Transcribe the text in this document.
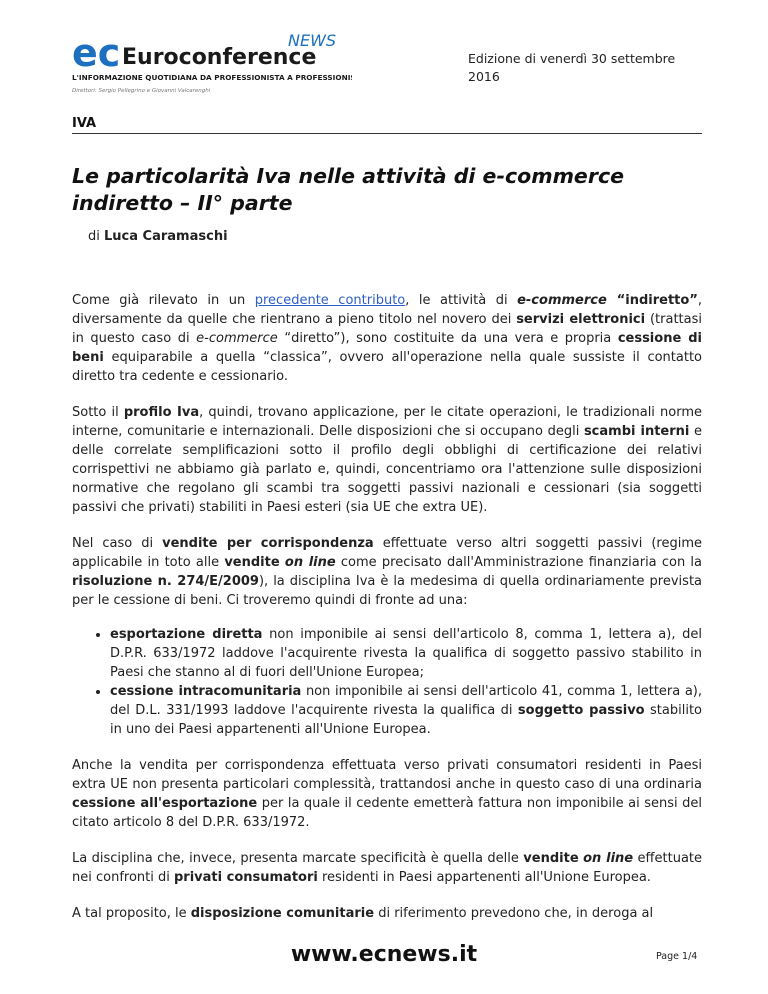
ec Euroconference
NEWS
L'INFORMAZIONE QUOTIDIANA DA PROFESSIONISTA A PROFESSIONISTA
Direttori: Sergio Pellegrino e Giovanni Valcarenghi
Edizione di venerdì 30 settembre 2016
IVA
Le particolarità Iva nelle attività di e-commerce indiretto – II° parte
di Luca Caramaschi

Come già rilevato in un precedente contributo, le attività di e-commerce “indiretto”, diversamente da quelle che rientrano a pieno titolo nel novero dei servizi elettronici (trattasi in questo caso di e-commerce “diretto”), sono costituite da una vera e propria cessione di beni equiparabile a quella “classica”, ovvero all'operazione nella quale sussiste il contatto diretto tra cedente e cessionario.

Sotto il profilo Iva, quindi, trovano applicazione, per le citate operazioni, le tradizionali norme interne, comunitarie e internazionali. Delle disposizioni che si occupano degli scambi interni e delle correlate semplificazioni sotto il profilo degli obblighi di certificazione dei relativi corrispettivi ne abbiamo già parlato e, quindi, concentriamo ora l'attenzione sulle disposizioni normative che regolano gli scambi tra soggetti passivi nazionali e cessionari (sia soggetti passivi che privati) stabiliti in Paesi esteri (sia UE che extra UE).

Nel caso di vendite per corrispondenza effettuate verso altri soggetti passivi (regime applicabile in toto alle vendite on line come precisato dall'Amministrazione finanziaria con la risoluzione n. 274/E/2009), la disciplina Iva è la medesima di quella ordinariamente prevista per le cessione di beni. Ci troveremo quindi di fronte ad una:

• esportazione diretta non imponibile ai sensi dell'articolo 8, comma 1, lettera a), del D.P.R. 633/1972 laddove l'acquirente rivesta la qualifica di soggetto passivo stabilito in Paesi che stanno al di fuori dell'Unione Europea;
• cessione intracomunitaria non imponibile ai sensi dell'articolo 41, comma 1, lettera a), del D.L. 331/1993 laddove l'acquirente rivesta la qualifica di soggetto passivo stabilito in uno dei Paesi appartenenti all'Unione Europea.

Anche la vendita per corrispondenza effettuata verso privati consumatori residenti in Paesi extra UE non presenta particolari complessità, trattandosi anche in questo caso di una ordinaria cessione all'esportazione per la quale il cedente emetterà fattura non imponibile ai sensi del citato articolo 8 del D.P.R. 633/1972.

La disciplina che, invece, presenta marcate specificità è quella delle vendite on line effettuate nei confronti di privati consumatori residenti in Paesi appartenenti all'Unione Europea.

A tal proposito, le disposizione comunitarie di riferimento prevedono che, in deroga al

www.ecnews.it	Page 1/4
